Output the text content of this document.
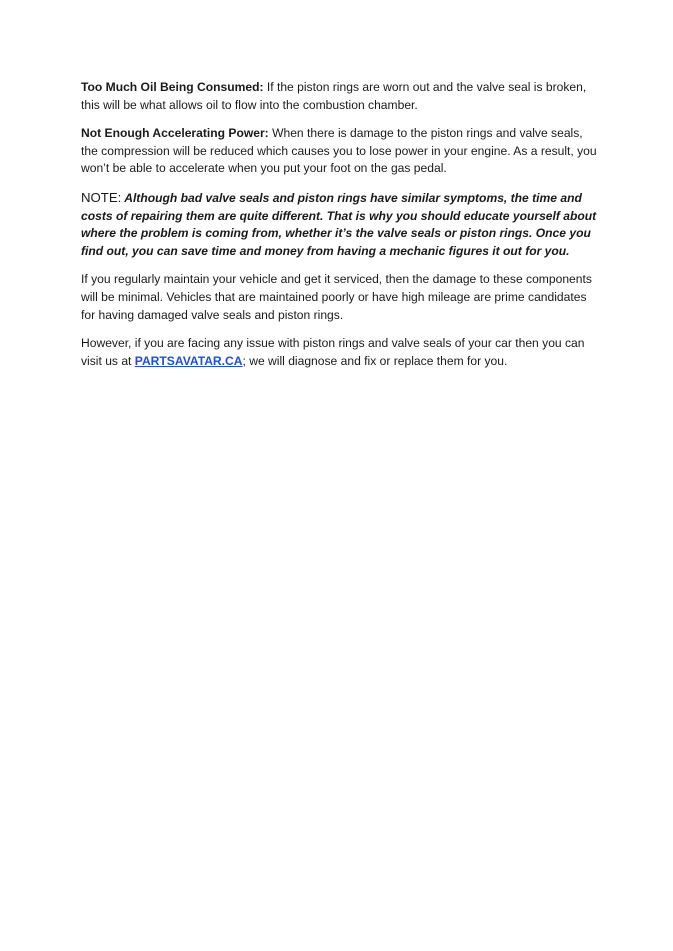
Too Much Oil Being Consumed: If the piston rings are worn out and the valve seal is broken, this will be what allows oil to flow into the combustion chamber.

Not Enough Accelerating Power: When there is damage to the piston rings and valve seals, the compression will be reduced which causes you to lose power in your engine. As a result, you won’t be able to accelerate when you put your foot on the gas pedal.

NOTE: Although bad valve seals and piston rings have similar symptoms, the time and costs of repairing them are quite different. That is why you should educate yourself about where the problem is coming from, whether it’s the valve seals or piston rings. Once you find out, you can save time and money from having a mechanic figures it out for you.

If you regularly maintain your vehicle and get it serviced, then the damage to these components will be minimal. Vehicles that are maintained poorly or have high mileage are prime candidates for having damaged valve seals and piston rings.

However, if you are facing any issue with piston rings and valve seals of your car then you can visit us at PARTSAVATAR.CA; we will diagnose and fix or replace them for you.
